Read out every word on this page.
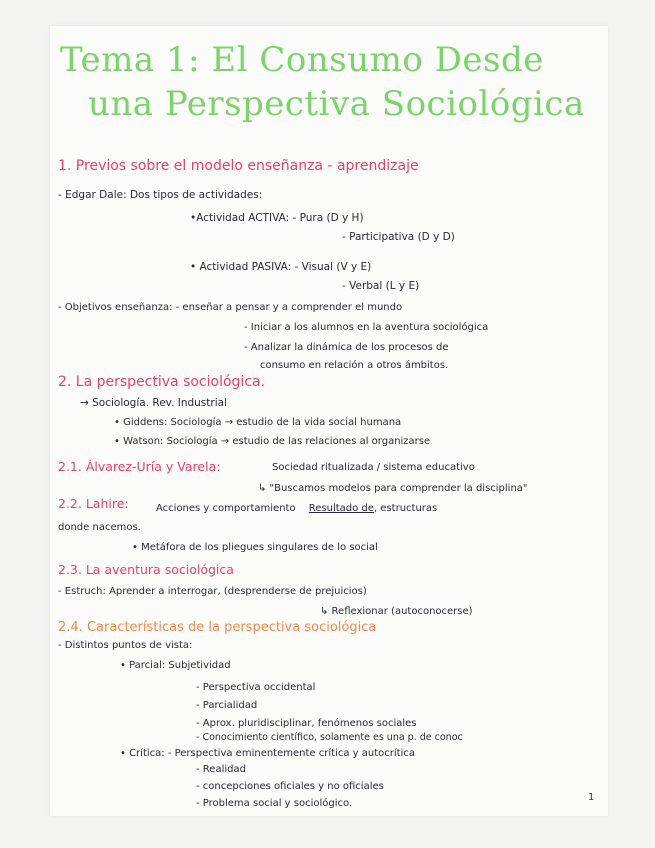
Tema 1: El Consumo Desde
una Perspectiva Sociológica
1. Previos sobre el modelo enseñanza - aprendizaje
- Edgar Dale: Dos tipos de actividades:
•Actividad ACTIVA: - Pura (D y H)
- Participativa (D y D)
• Actividad PASIVA: - Visual (V y E)
- Verbal (L y E)
- Objetivos enseñanza: - enseñar a pensar y a comprender el mundo
- Iniciar a los alumnos en la aventura sociológica
- Analizar la dinámica de los procesos de
consumo en relación a otros ámbitos.
2. La perspectiva sociológica.
→ Sociología. Rev. Industrial
• Giddens: Sociología → estudio de la vida social humana
• Watson: Sociología → estudio de las relaciones al organizarse
2.1. Álvarez-Uría y Varela:	Sociedad ritualizada / sistema educativo
↳ "Buscamos modelos para comprender la disciplina"
2.2. Lahire:	Acciones y comportamiento Resultado de, estructuras
donde nacemos.
• Metáfora de los pliegues singulares de lo social
2.3. La aventura sociológica
- Estruch: Aprender a interrogar, (desprenderse de prejuicios)
↳ Reflexionar (autoconocerse)
2.4. Características de la perspectiva sociológica
- Distintos puntos de vista:
• Parcial: Subjetividad
- Perspectiva occidental
- Parcialidad
- Aprox. pluridisciplinar, fenómenos sociales
- Conocimiento científico, solamente es una p. de conoc
• Crítica: - Perspectiva eminentemente crítica y autocrítica
- Realidad
- concepciones oficiales y no oficiales
- Problema social y sociológico.
1
